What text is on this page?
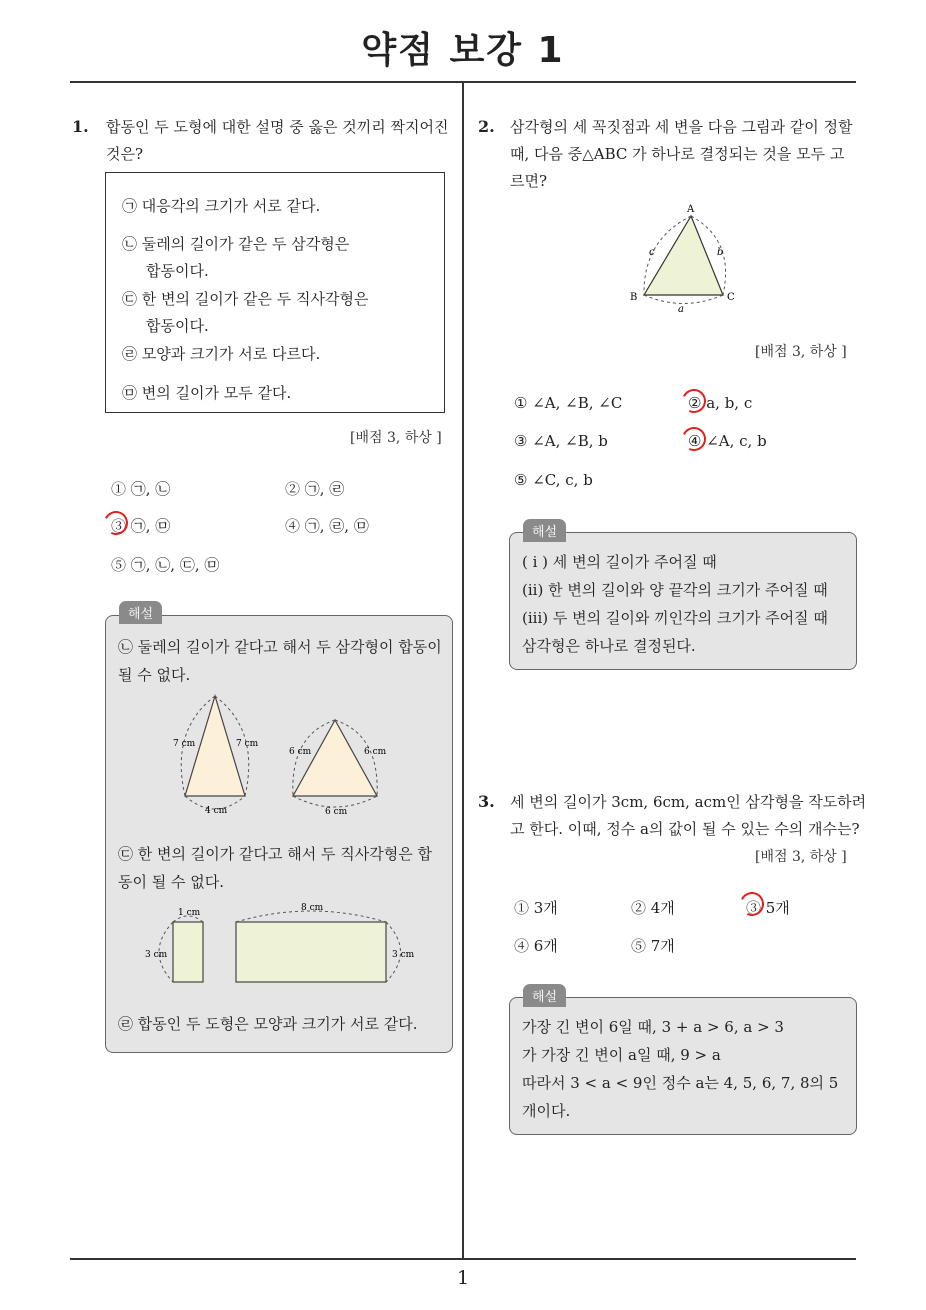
약점 보강 1
1
1. 합동인 두 도형에 대한 설명 중 옳은 것끼리 짝지어진
것은?
㉠ 대응각의 크기가 서로 같다.
㉡ 둘레의 길이가 같은 두 삼각형은
합동이다.
㉢ 한 변의 길이가 같은 두 직사각형은
합동이다.
㉣ 모양과 크기가 서로 다르다.
㉤ 변의 길이가 모두 같다.
[배점 3, 하상 ]
① ㉠, ㉡	② ㉠, ㉣
③ ㉠, ㉤	④ ㉠, ㉣, ㉤
⑤ ㉠, ㉡, ㉢, ㉤
해설
㉡ 둘레의 길이가 같다고 해서 두 삼각형이 합동이
될 수 없다.
7 cm	7 cm
4 cm
6 cm	6 cm
6 cm
㉢ 한 변의 길이가 같다고 해서 두 직사각형은 합
동이 될 수 없다.
1 cm
3 cm
8 cm
3 cm
㉣ 합동인 두 도형은 모양과 크기가 서로 같다.
2. 삼각형의 세 꼭짓점과 세 변을 다음 그림과 같이 정할
때, 다음 중△ABC 가 하나로 결정되는 것을 모두 고
르면?
A
B	C
a
b
c
[배점 3, 하상 ]
① ∠A, ∠B, ∠C	② a, b, c
③ ∠A, ∠B, b	④ ∠A, c, b
⑤ ∠C, c, b
해설
( i ) 세 변의 길이가 주어질 때
(ii) 한 변의 길이와 양 끝각의 크기가 주어질 때
(iii) 두 변의 길이와 끼인각의 크기가 주어질 때
삼각형은 하나로 결정된다.
3. 세 변의 길이가 3cm, 6cm, acm인 삼각형을 작도하려
고 한다. 이때, 정수 a의 값이 될 수 있는 수의 개수는?
[배점 3, 하상 ]
① 3개	② 4개	③ 5개
④ 6개	⑤ 7개
해설
가장 긴 변이 6일 때, 3 + a > 6, a > 3
가 가장 긴 변이 a일 때, 9 > a
따라서 3 < a < 9인 정수 a는 4, 5, 6, 7, 8의 5
개이다.
